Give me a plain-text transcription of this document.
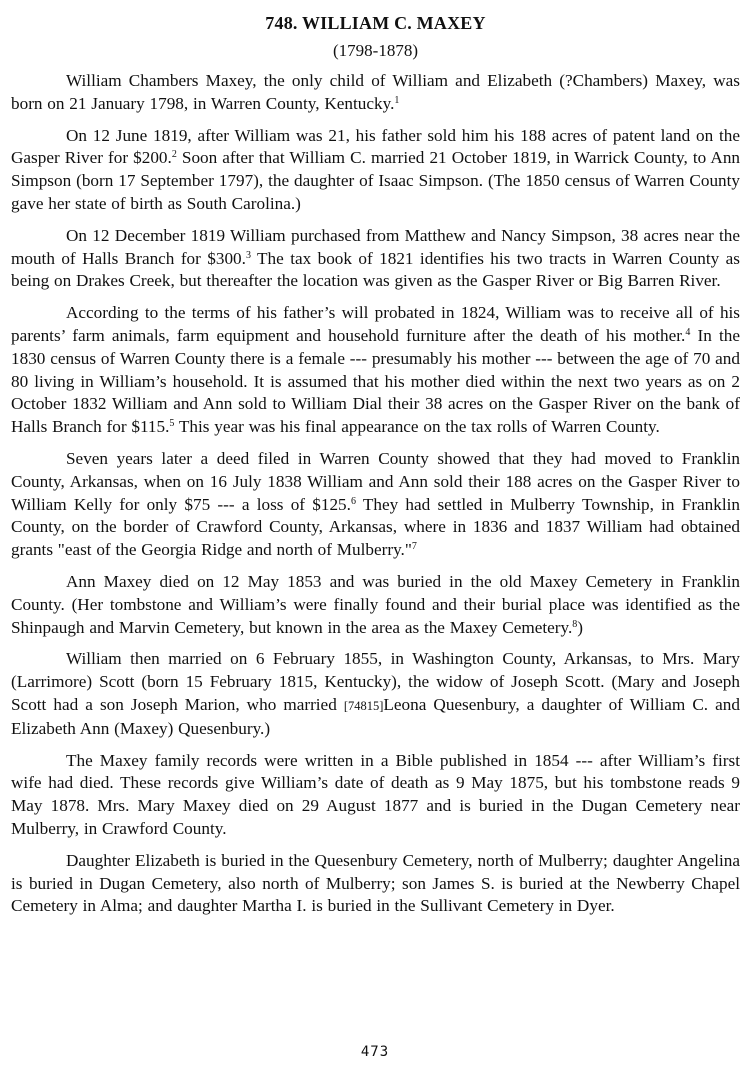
748. WILLIAM C. MAXEY
(1798-1878)

William Chambers Maxey, the only child of William and Elizabeth (?Chambers) Maxey, was born on 21 January 1798, in Warren County, Kentucky.$^1$

On 12 June 1819, after William was 21, his father sold him his 188 acres of patent land on the Gasper River for $200.$^2$ Soon after that William C. married 21 October 1819, in Warrick County, to Ann Simpson (born 17 September 1797), the daughter of Isaac Simpson. (The 1850 census of Warren County gave her state of birth as South Carolina.)

On 12 December 1819 William purchased from Matthew and Nancy Simpson, 38 acres near the mouth of Halls Branch for $300.$^3$ The tax book of 1821 identifies his two tracts in Warren County as being on Drakes Creek, but thereafter the location was given as the Gasper River or Big Barren River.

According to the terms of his father’s will probated in 1824, William was to receive all of his parents’ farm animals, farm equipment and household furniture after the death of his mother.$^4$ In the 1830 census of Warren County there is a female --- presumably his mother --- between the age of 70 and 80 living in William’s household. It is assumed that his mother died within the next two years as on 2 October 1832 William and Ann sold to William Dial their 38 acres on the Gasper River on the bank of Halls Branch for $115.$^5$ This year was his final appearance on the tax rolls of Warren County.

Seven years later a deed filed in Warren County showed that they had moved to Franklin County, Arkansas, when on 16 July 1838 William and Ann sold their 188 acres on the Gasper River to William Kelly for only $75 --- a loss of $125.$^6$ They had settled in Mulberry Township, in Franklin County, on the border of Crawford County, Arkansas, where in 1836 and 1837 William had obtained grants "east of the Georgia Ridge and north of Mulberry."$^7$

Ann Maxey died on 12 May 1853 and was buried in the old Maxey Cemetery in Franklin County. (Her tombstone and William’s were finally found and their burial place was identified as the Shinpaugh and Marvin Cemetery, but known in the area as the Maxey Cemetery.$^8$)

William then married on 6 February 1855, in Washington County, Arkansas, to Mrs. Mary (Larrimore) Scott (born 15 February 1815, Kentucky), the widow of Joseph Scott. (Mary and Joseph Scott had a son Joseph Marion, who married [74815]Leona Quesenbury, a daughter of William C. and Elizabeth Ann (Maxey) Quesenbury.)

The Maxey family records were written in a Bible published in 1854 --- after William’s first wife had died. These records give William’s date of death as 9 May 1875, but his tombstone reads 9 May 1878. Mrs. Mary Maxey died on 29 August 1877 and is buried in the Dugan Cemetery near Mulberry, in Crawford County.

Daughter Elizabeth is buried in the Quesenbury Cemetery, north of Mulberry; daughter Angelina is buried in Dugan Cemetery, also north of Mulberry; son James S. is buried at the Newberry Chapel Cemetery in Alma; and daughter Martha I. is buried in the Sullivant Cemetery in Dyer.

473
